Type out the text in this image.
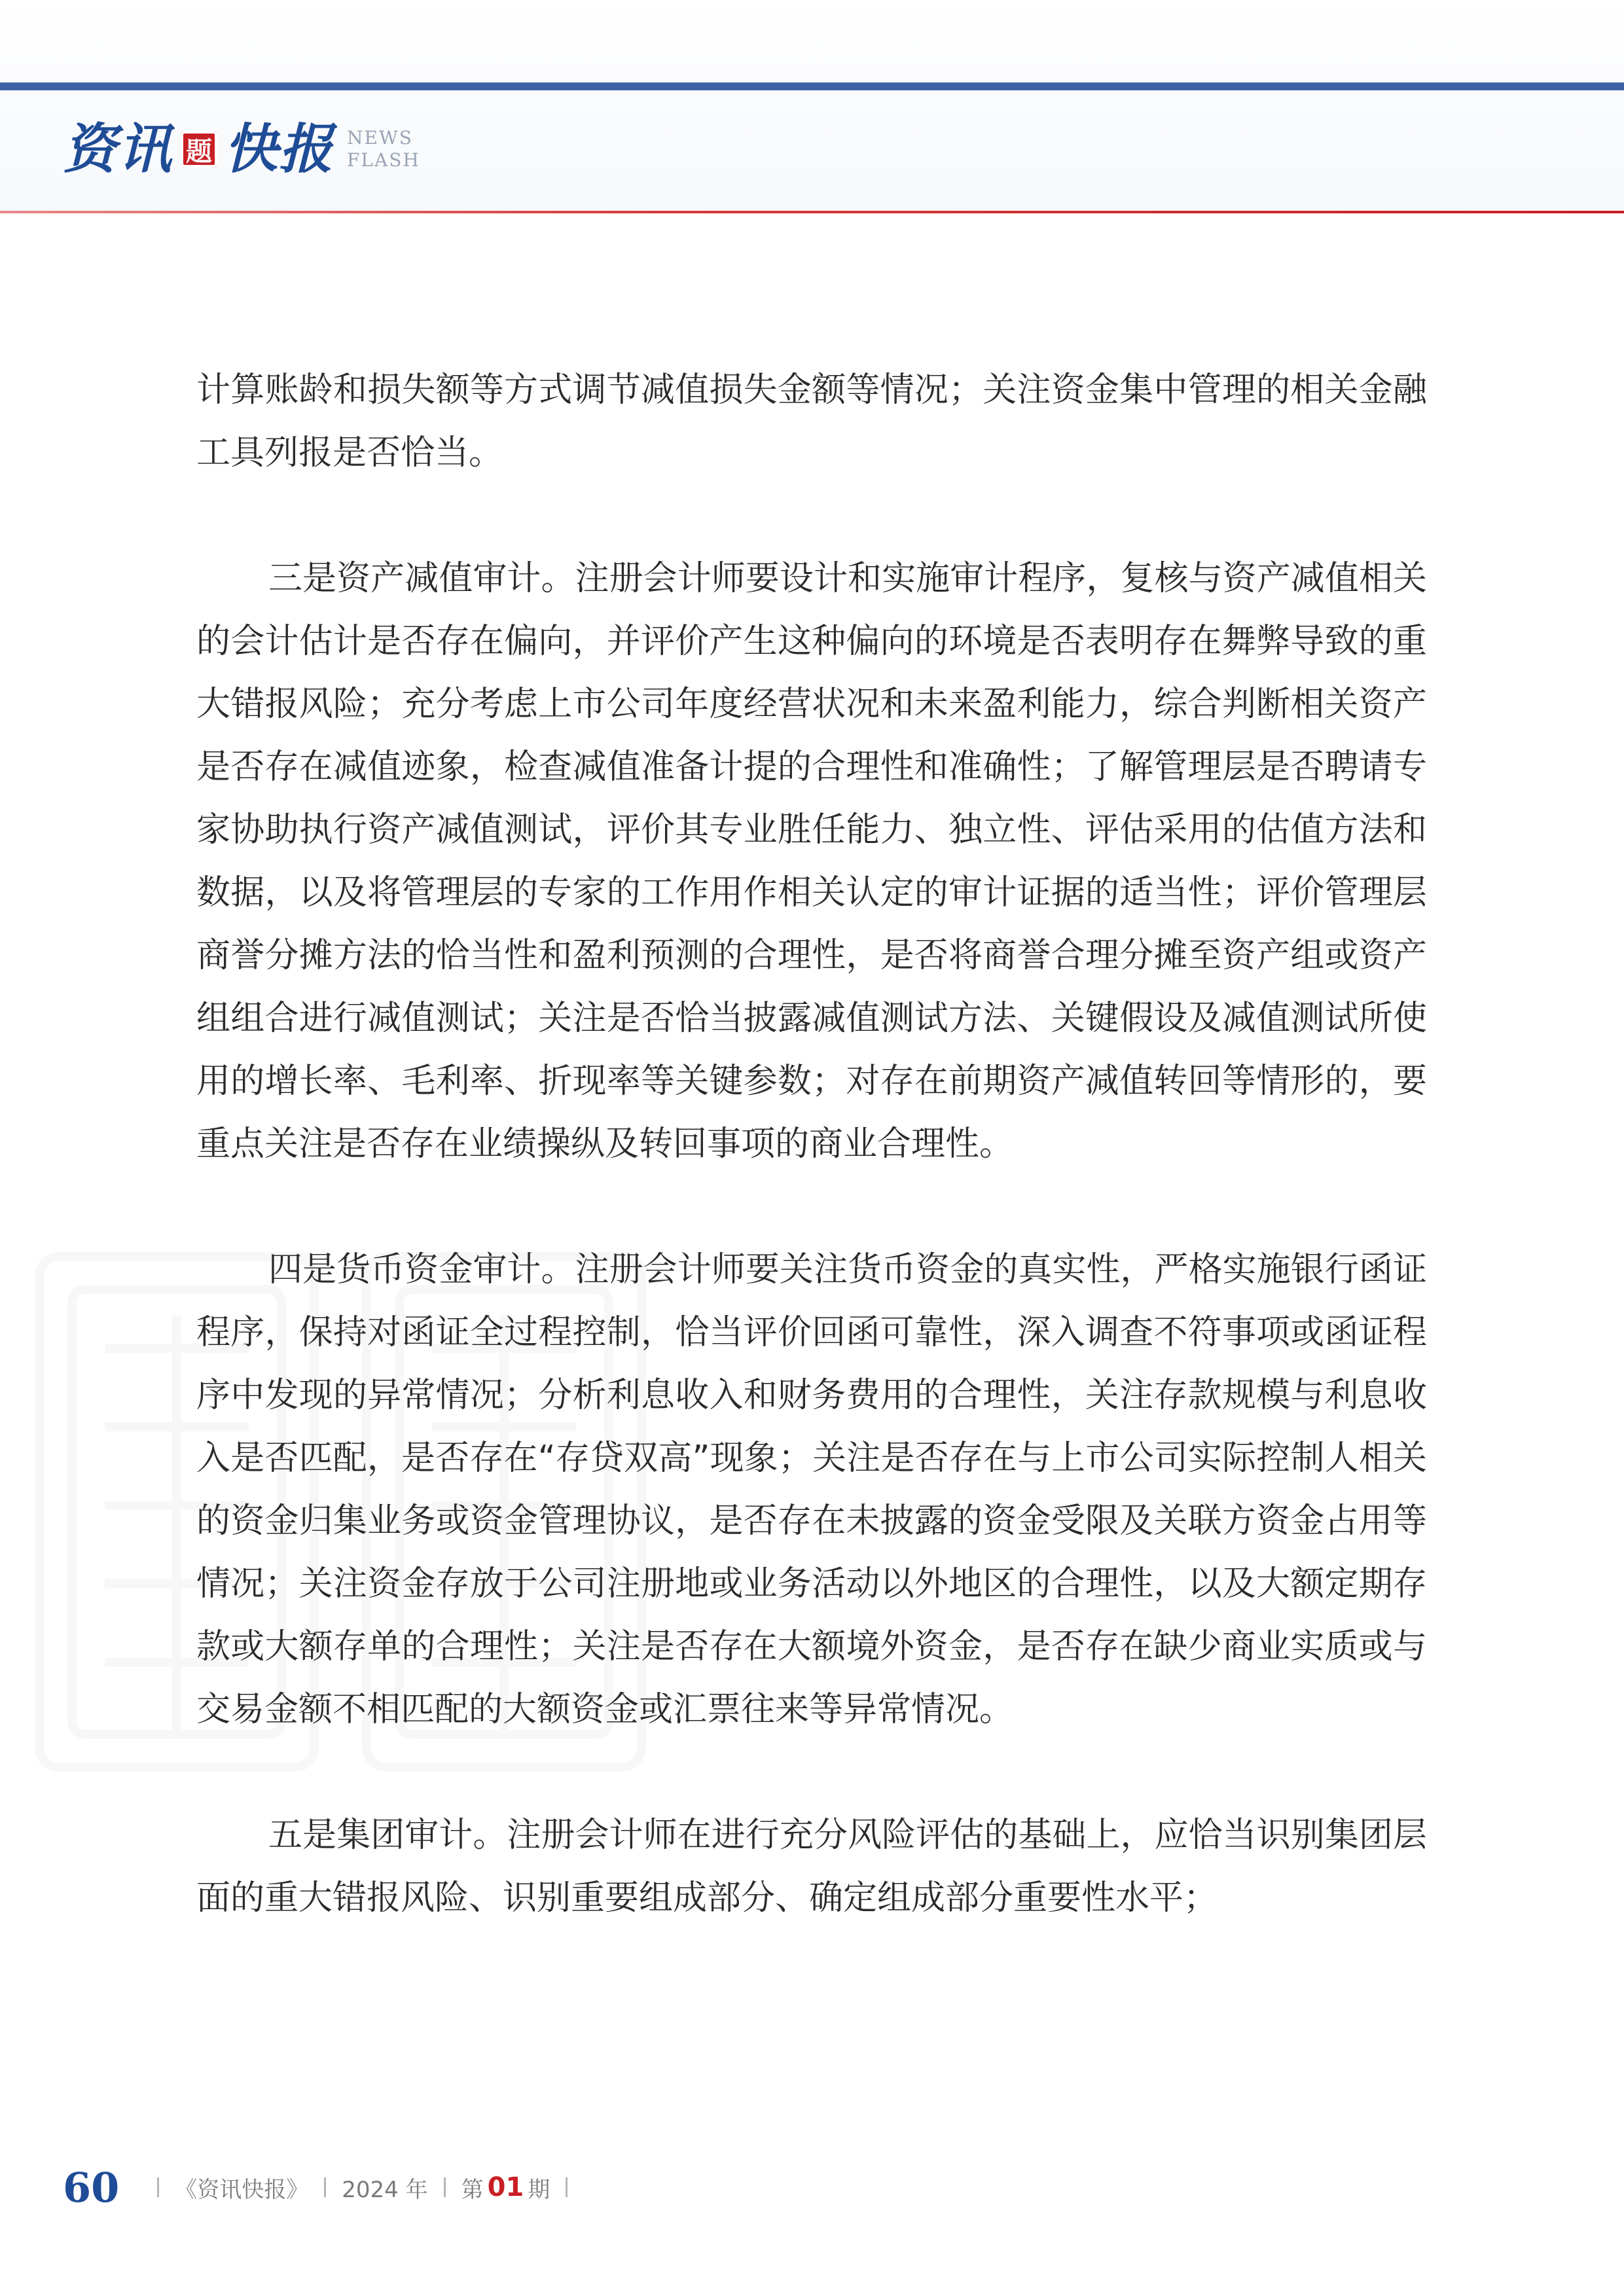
资讯 题 快报 NEWS
FLASH

计算账龄和损失额等方式调节减值损失金额等情况；关注资金集中管理的相关金融工具列报是否恰当。

三是资产减值审计。注册会计师要设计和实施审计程序，复核与资产减值相关的会计估计是否存在偏向，并评价产生这种偏向的环境是否表明存在舞弊导致的重大错报风险；充分考虑上市公司年度经营状况和未来盈利能力，综合判断相关资产是否存在减值迹象，检查减值准备计提的合理性和准确性；了解管理层是否聘请专家协助执行资产减值测试，评价其专业胜任能力、独立性、评估采用的估值方法和数据，以及将管理层的专家的工作用作相关认定的审计证据的适当性；评价管理层商誉分摊方法的恰当性和盈利预测的合理性，是否将商誉合理分摊至资产组或资产组组合进行减值测试；关注是否恰当披露减值测试方法、关键假设及减值测试所使用的增长率、毛利率、折现率等关键参数；对存在前期资产减值转回等情形的，要重点关注是否存在业绩操纵及转回事项的商业合理性。

四是货币资金审计。注册会计师要关注货币资金的真实性，严格实施银行函证程序，保持对函证全过程控制，恰当评价回函可靠性，深入调查不符事项或函证程序中发现的异常情况；分析利息收入和财务费用的合理性，关注存款规模与利息收入是否匹配，是否存在“存贷双高”现象；关注是否存在与上市公司实际控制人相关的资金归集业务或资金管理协议，是否存在未披露的资金受限及关联方资金占用等情况；关注资金存放于公司注册地或业务活动以外地区的合理性，以及大额定期存款或大额存单的合理性；关注是否存在大额境外资金，是否存在缺少商业实质或与交易金额不相匹配的大额资金或汇票往来等异常情况。

五是集团审计。注册会计师在进行充分风险评估的基础上，应恰当识别集团层面的重大错报风险、识别重要组成部分、确定组成部分重要性水平；

60	《资讯快报》 2024 年 第 01 期
